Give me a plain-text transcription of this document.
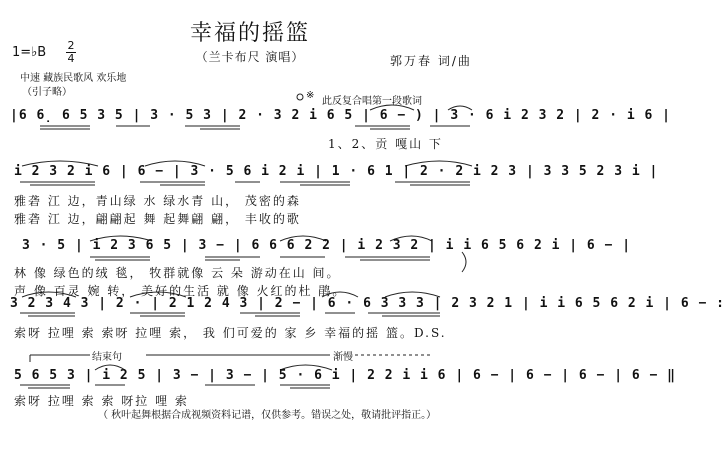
幸福的摇篮
（兰卡布尺 演唱）
1=♭B 2
4	郭万春 词/曲
中速 藏族民歌风 欢乐地
（引子略）	※
此反复合唱第一段歌词
|6 6̣ 6 5 3 5 | 3 · 5 3 | 2 · 3 2 i 6 5 | 6 − ) | 3 · 6 i 2 3 2 | 2 · i 6 |
1、2、贡 嘎山 下
i 2 3 2 i 6 | 6 − | 3 · 5 6 i 2 i | 1 · 6 1 | 2 · 2 i 2 3 | 3 3 5 2 3 i |
雅砻 江 边，青山绿 水 绿水青 山， 茂密的森
雅砻 江 边，翩翩起 舞 起舞翩 翩， 丰收的歌
3 · 5 | i 2 3 6 5 | 3 − | 6 6 6 2 2 | i 2 3 2 | i i 6 5 6 2 i | 6 − |
林 像 绿色的绒 毯， 牧群就像 云 朵 游动在山 间。
声 像 百灵 婉 转， 美好的生活 就 像 火红的杜 鹃。
3 2 3 4 3 | 2 · | 2 1 2 4 3 | 2 − | 6 · 6 3 3 3 | 2 3 2 1 | i i 6 5 6 2 i | 6 − :
索呀 拉哩 索 索呀 拉哩 索， 我 们可爱的 家 乡 幸福的摇 篮。D.S.
结束句	渐慢
5 6 5 3 | i 2 5 | 3 − | 3 − | 5 · 6 i | 2 2 i i 6 | 6 − | 6 − | 6 − | 6 − ‖
索呀 拉哩 索 索 呀拉 哩 索
（ 秋叶起舞根据合成视频资料记谱，仅供参考。错误之处，敬请批评指正。）
